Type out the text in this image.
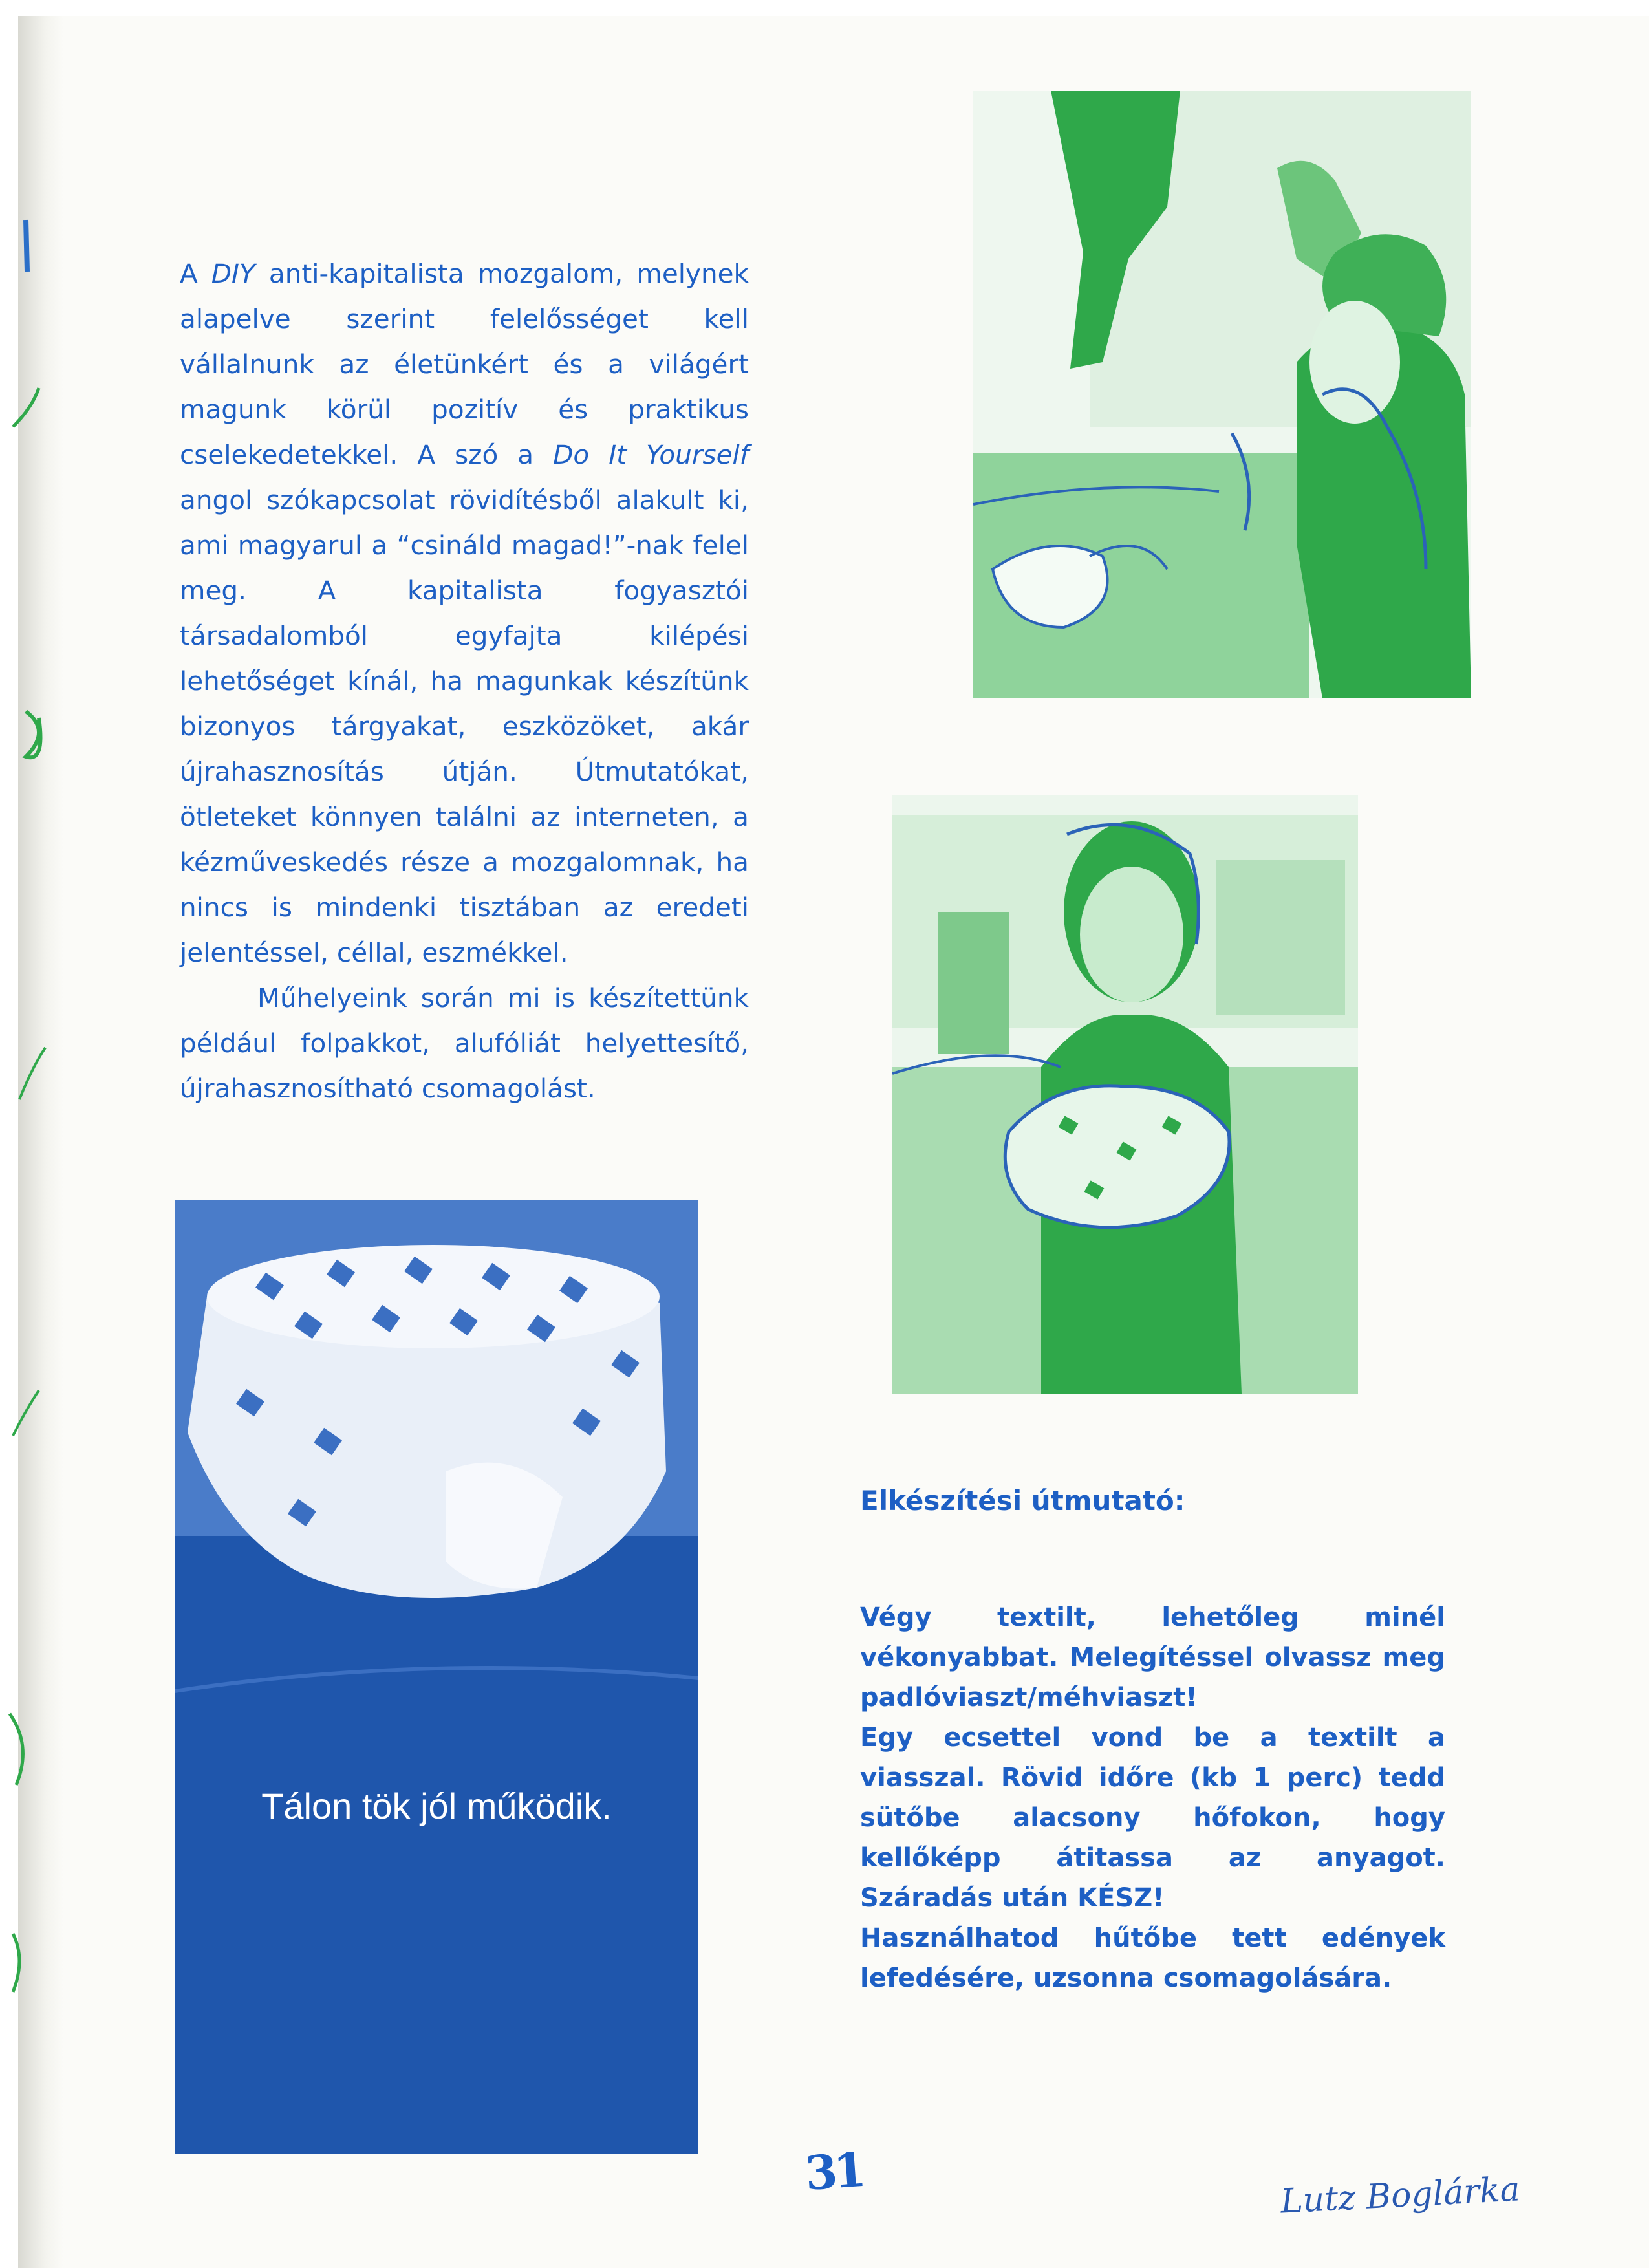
A DIY anti-kapitalista mozgalom, melynek alapelve szerint felelősséget kell vállalnunk az életünkért és a világért magunk körül pozitív és praktikus cselekedetekkel. A szó a Do It Yourself angol szókapcsolat rövidítésből alakult ki, ami magyarul a “csináld magad!”-nak felel meg. A kapitalista fogyasztói társadalomból egyfajta kilépési lehetőséget kínál, ha magunkak készítünk bizonyos tárgyakat, eszközöket, akár újrahasznosítás útján. Útmutatókat, ötleteket könnyen találni az interneten, a kézműveskedés része a mozgalomnak, ha nincs is mindenki tisztában az eredeti jelentéssel, céllal, eszmékkel.

Műhelyeink során mi is készítettünk például folpakkot, alufóliát helyettesítő, újrahasznosítható csomagolást.

Tálon tök jól működik.
Elkészítési útmutató:

Végy textilt, lehetőleg minél vékonyabbat. Melegítéssel olvassz meg padlóviaszt/méhviaszt!

Egy ecsettel vond be a textilt a viasszal. Rövid időre (kb 1 perc) tedd sütőbe alacsony hőfokon, hogy kellőképp átitassa az anyagot. Száradás után KÉSZ!

Használhatod hűtőbe tett edények lefedésére, uzsonna csomagolására.

31	Lutz Boglárka
